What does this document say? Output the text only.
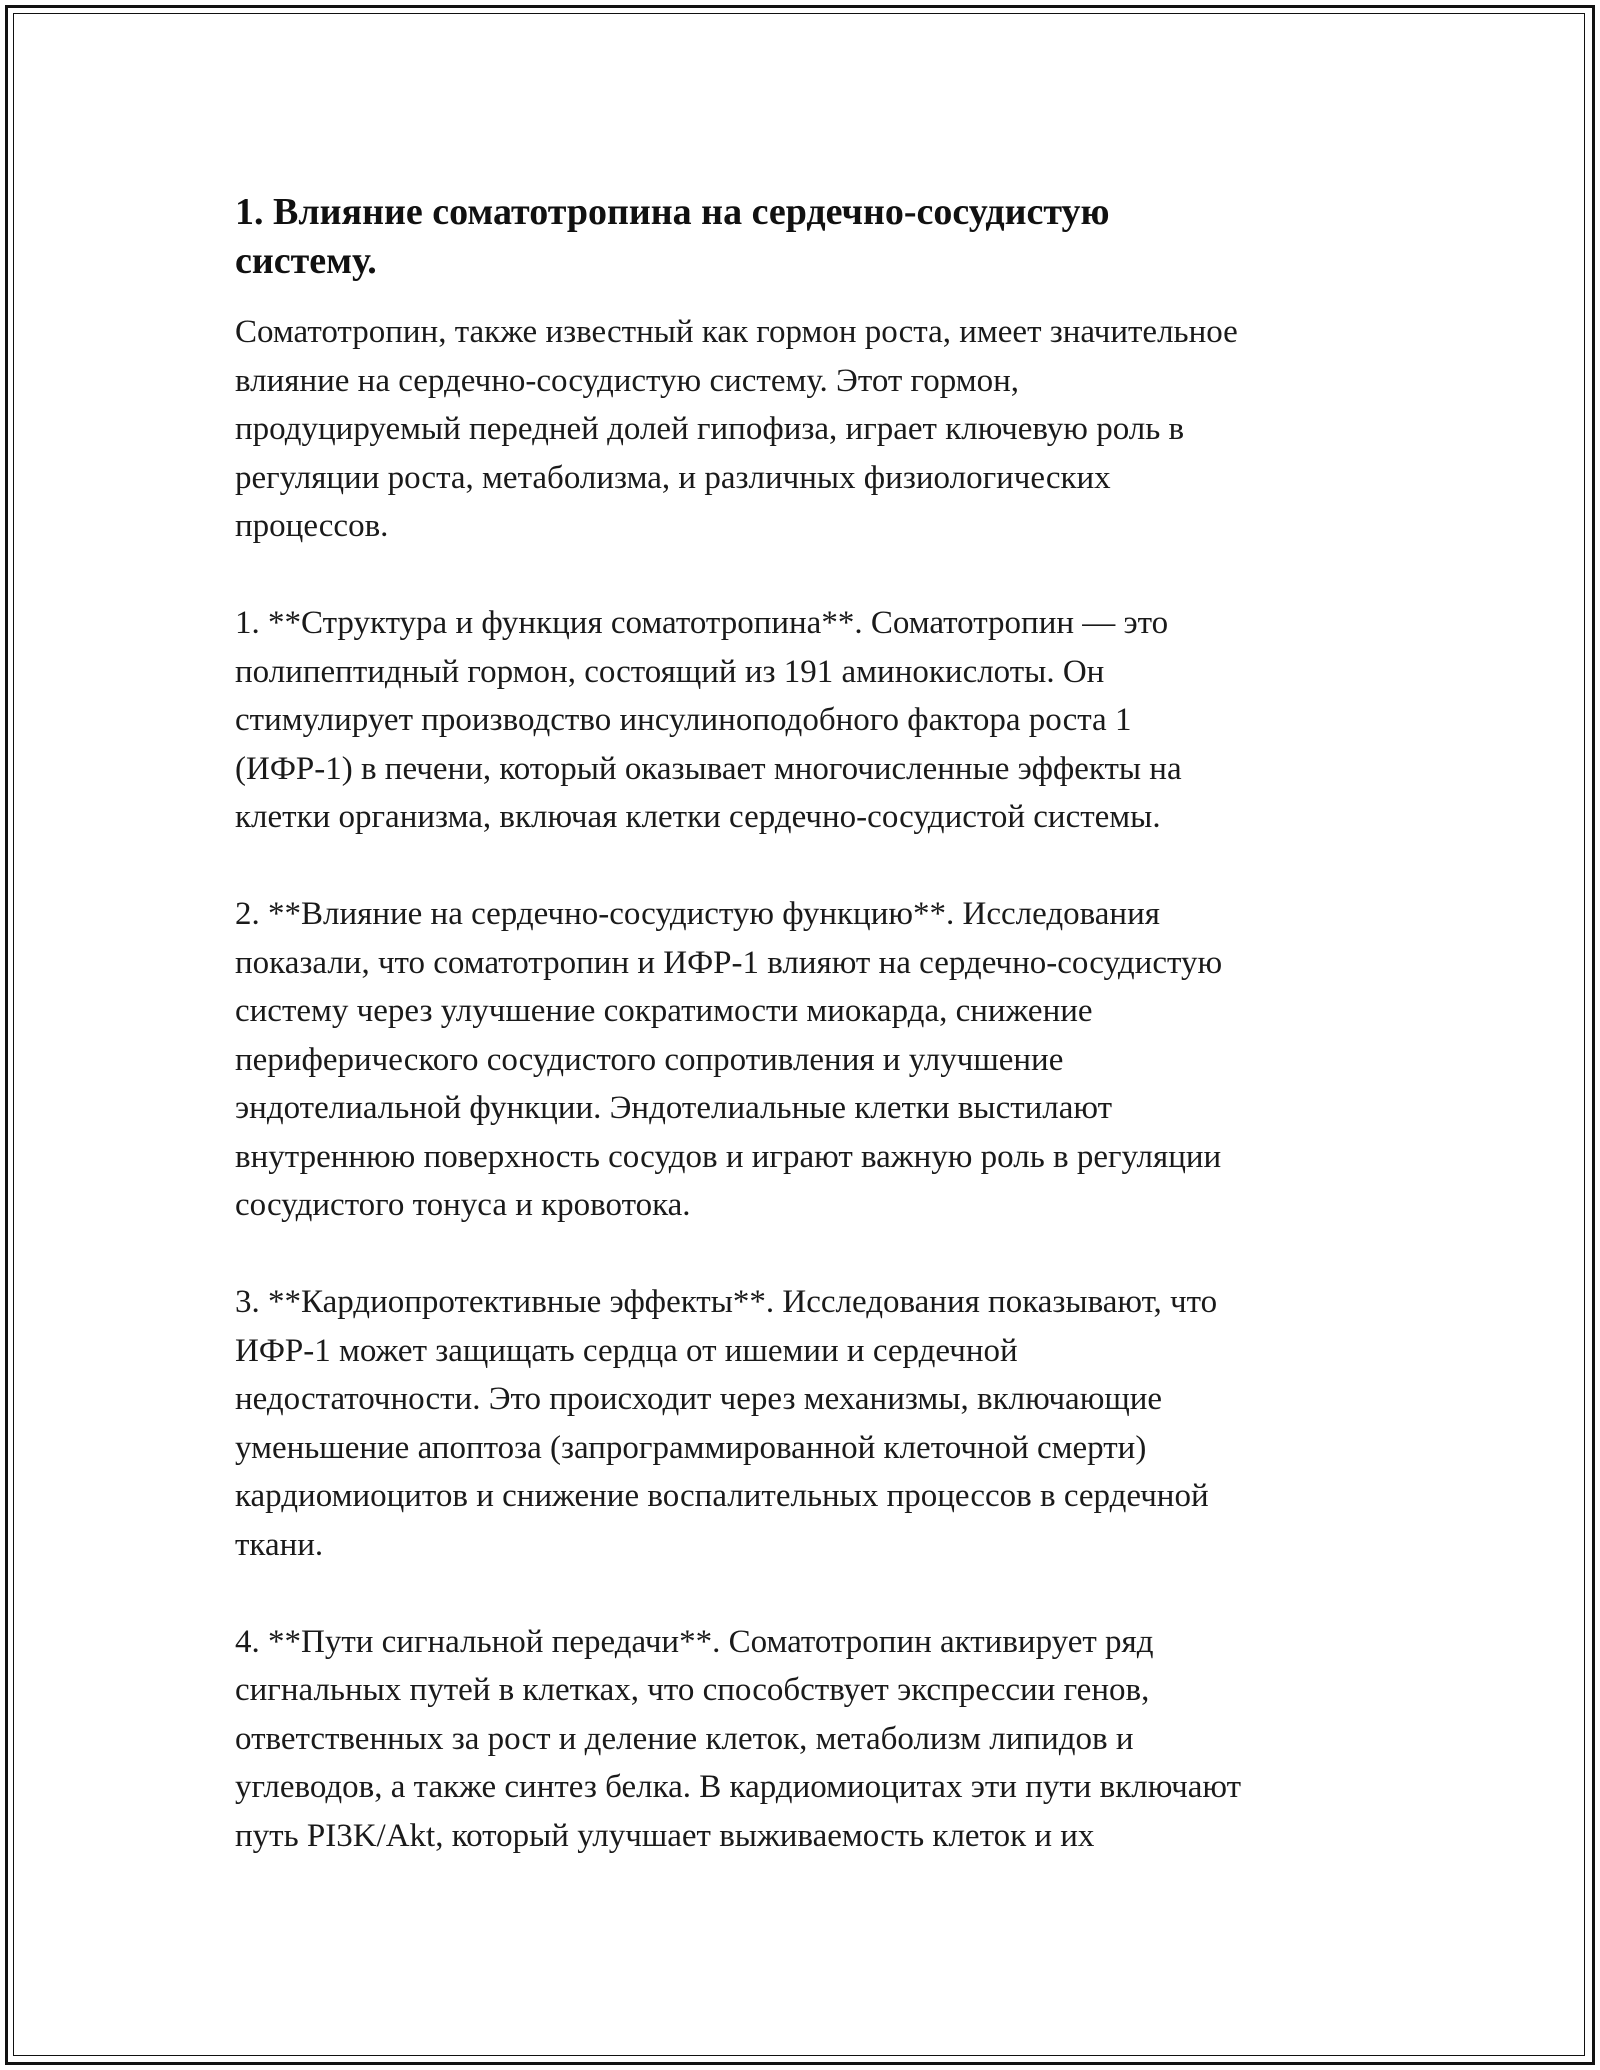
1. Влияние соматотропина на сердечно-сосудистую
систему.

Соматотропин, также известный как гормон роста, имеет значительное
влияние на сердечно-сосудистую систему. Этот гормон,
продуцируемый передней долей гипофиза, играет ключевую роль в
регуляции роста, метаболизма, и различных физиологических
процессов.

1. **Структура и функция соматотропина**. Соматотропин — это
полипептидный гормон, состоящий из 191 аминокислоты. Он
стимулирует производство инсулиноподобного фактора роста 1
(ИФР-1) в печени, который оказывает многочисленные эффекты на
клетки организма, включая клетки сердечно-сосудистой системы.

2. **Влияние на сердечно-сосудистую функцию**. Исследования
показали, что соматотропин и ИФР-1 влияют на сердечно-сосудистую
систему через улучшение сократимости миокарда, снижение
периферического сосудистого сопротивления и улучшение
эндотелиальной функции. Эндотелиальные клетки выстилают
внутреннюю поверхность сосудов и играют важную роль в регуляции
сосудистого тонуса и кровотока.

3. **Кардиопротективные эффекты**. Исследования показывают, что
ИФР-1 может защищать сердца от ишемии и сердечной
недостаточности. Это происходит через механизмы, включающие
уменьшение апоптоза (запрограммированной клеточной смерти)
кардиомиоцитов и снижение воспалительных процессов в сердечной
ткани.

4. **Пути сигнальной передачи**. Соматотропин активирует ряд
сигнальных путей в клетках, что способствует экспрессии генов,
ответственных за рост и деление клеток, метаболизм липидов и
углеводов, а также синтез белка. В кардиомиоцитах эти пути включают
путь PI3K/Akt, который улучшает выживаемость клеток и их
